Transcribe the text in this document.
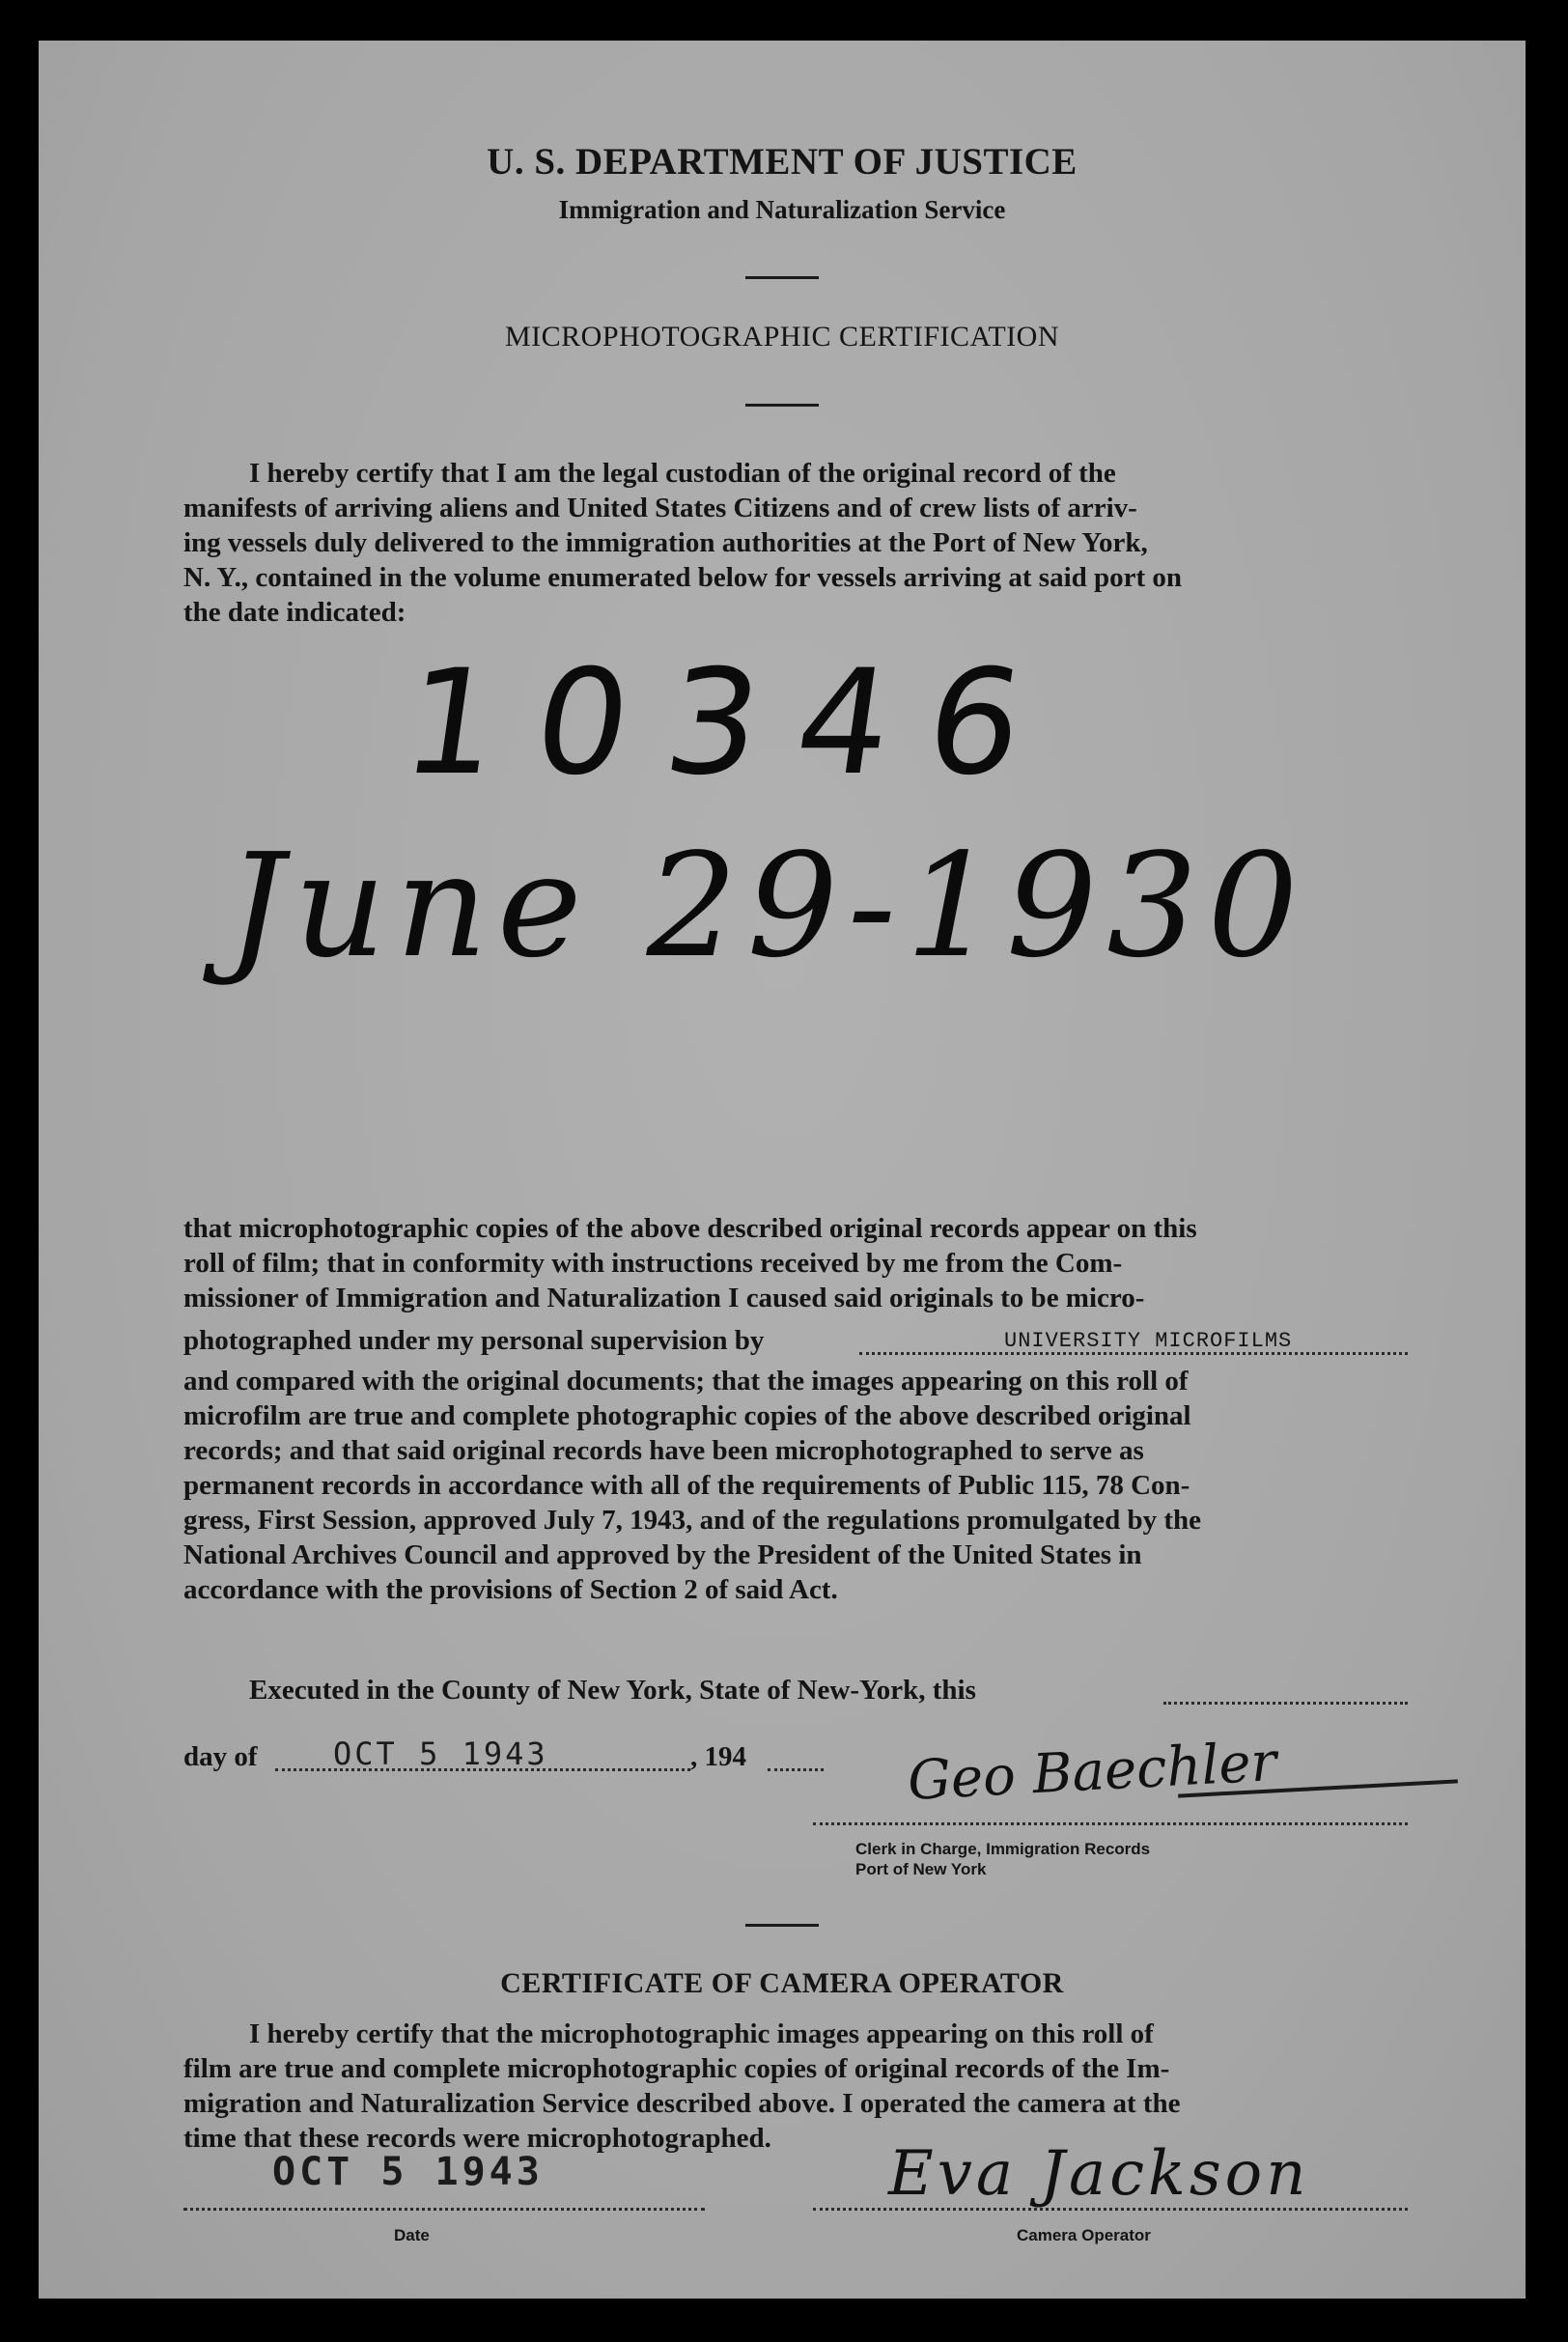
U. S. DEPARTMENT OF JUSTICE
Immigration and Naturalization Service
MICROPHOTOGRAPHIC CERTIFICATION

I hereby certify that I am the legal custodian of the original record of the

manifests of arriving aliens and United States Citizens and of crew lists of arriv-

ing vessels duly delivered to the immigration authorities at the Port of New York,

N. Y., contained in the volume enumerated below for vessels arriving at said port on

the date indicated:

10346
June 29-1930

that microphotographic copies of the above described original records appear on this

roll of film; that in conformity with instructions received by me from the Com-

missioner of Immigration and Naturalization I caused said originals to be micro-

photographed under my personal supervision by	UNIVERSITY MICROFILMS

and compared with the original documents; that the images appearing on this roll of

microfilm are true and complete photographic copies of the above described original

records; and that said original records have been microphotographed to serve as

permanent records in accordance with all of the requirements of Public 115, 78 Con-

gress, First Session, approved July 7, 1943, and of the regulations promulgated by the

National Archives Council and approved by the President of the United States in

accordance with the provisions of Section 2 of said Act.

Executed in the County of New York, State of New-York, this
day of OCT 5 1943	, 194	Geo Baechler
Clerk in Charge, Immigration Records
Port of New York
CERTIFICATE OF CAMERA OPERATOR

I hereby certify that the microphotographic images appearing on this roll of

film are true and complete microphotographic copies of original records of the Im-

migration and Naturalization Service described above. I operated the camera at the

time that these records were microphotographed.

OCT 5 1943
Date
Eva Jackson
Camera Operator
